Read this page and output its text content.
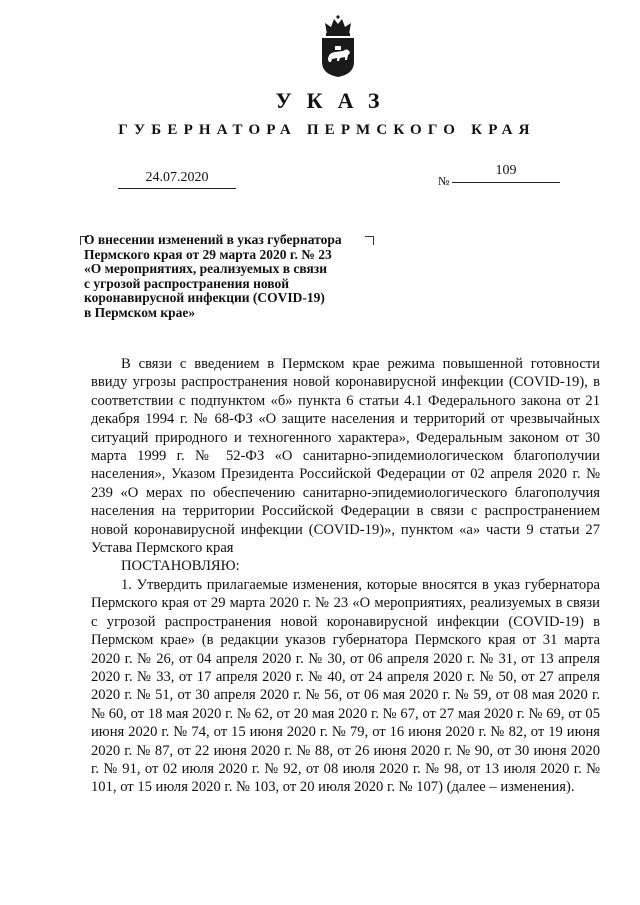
УКАЗ
ГУБЕРНАТОРА ПЕРМСКОГО КРАЯ
24.07.2020	№
109
О внесении изменений в указ губернатора
Пермского края от 29 марта 2020 г. № 23
«О мероприятиях, реализуемых в связи
с угрозой распространения новой
коронавирусной инфекции (COVID-19)
в Пермском крае»

В связи с введением в Пермском крае режима повышенной готовности ввиду угрозы распространения новой коронавирусной инфекции (COVID-19), в соответствии с подпунктом «б» пункта 6 статьи 4.1 Федерального закона от 21 декабря 1994 г. № 68-ФЗ «О защите населения и территорий от чрезвычайных ситуаций природного и техногенного характера», Федеральным законом от 30 марта 1999 г. № 52-ФЗ «О санитарно-эпидемиологическом благополучии населения», Указом Президента Российской Федерации от 02 апреля 2020 г. № 239 «О мерах по обеспечению санитарно-эпидемиологического благополучия населения на территории Российской Федерации в связи с распространением новой коронавирусной инфекции (COVID-19)», пунктом «а» части 9 статьи 27 Устава Пермского края

ПОСТАНОВЛЯЮ:

1. Утвердить прилагаемые изменения, которые вносятся в указ губернатора Пермского края от 29 марта 2020 г. № 23 «О мероприятиях, реализуемых в связи с угрозой распространения новой коронавирусной инфекции (COVID-19) в Пермском крае» (в редакции указов губернатора Пермского края от 31 марта 2020 г. № 26, от 04 апреля 2020 г. № 30, от 06 апреля 2020 г. № 31, от 13 апреля 2020 г. № 33, от 17 апреля 2020 г. № 40, от 24 апреля 2020 г. № 50, от 27 апреля 2020 г. № 51, от 30 апреля 2020 г. № 56, от 06 мая 2020 г. № 59, от 08 мая 2020 г. № 60, от 18 мая 2020 г. № 62, от 20 мая 2020 г. № 67, от 27 мая 2020 г. № 69, от 05 июня 2020 г. № 74, от 15 июня 2020 г. № 79, от 16 июня 2020 г. № 82, от 19 июня 2020 г. № 87, от 22 июня 2020 г. № 88, от 26 июня 2020 г. № 90, от 30 июня 2020 г. № 91, от 02 июля 2020 г. № 92, от 08 июля 2020 г. № 98, от 13 июля 2020 г. № 101, от 15 июля 2020 г. № 103, от 20 июля 2020 г. № 107) (далее – изменения).
